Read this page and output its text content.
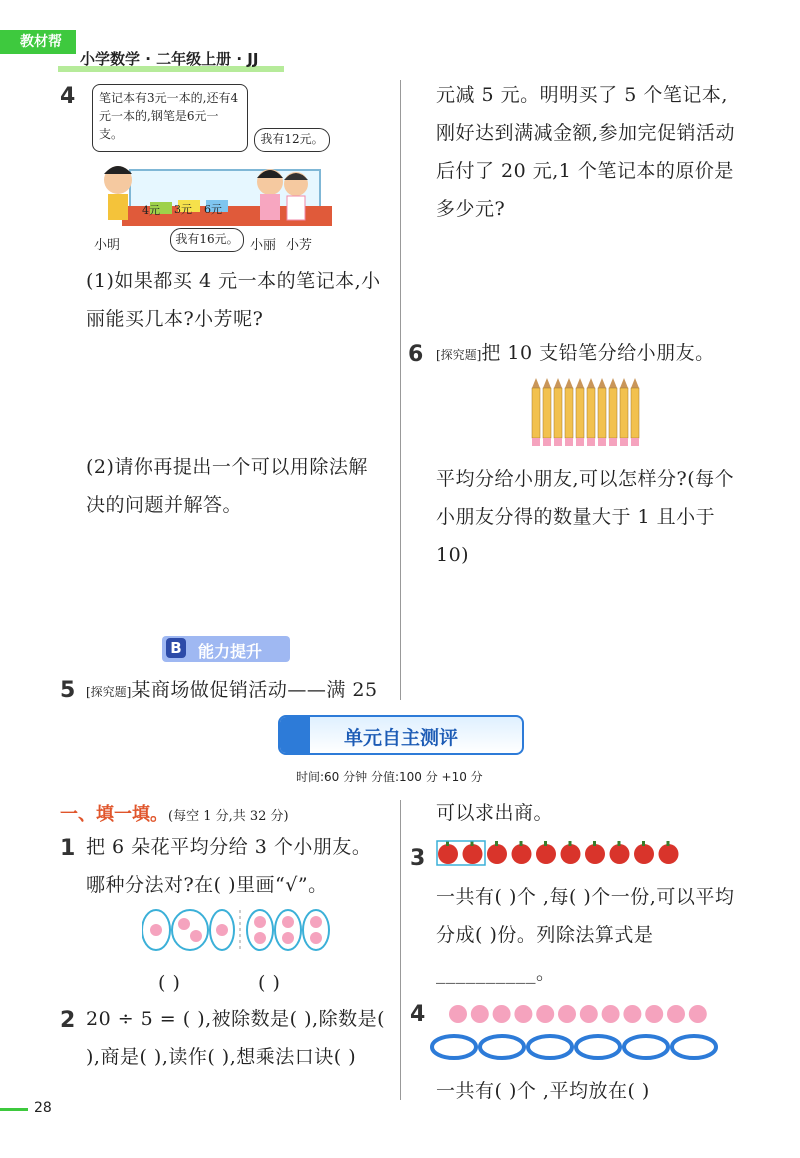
教材帮
小学数学 · 二年级上册 · JJ
4	笔记本有3元一本的,还有4元一本的,钢笔是6元一支。	我有12元。
我有16元。
4元 3元 6元
小明	小丽 小芳
(1)如果都买 4 元一本的笔记本,小丽能买几本?小芳呢?
(2)请你再提出一个可以用除法解决的问题并解答。
B 能力提升
5 [探究题]某商场做促销活动——满 25
元减 5 元。明明买了 5 个笔记本,刚好达到满减金额,参加完促销活动后付了 20 元,1 个笔记本的原价是多少元?
6 [探究题]把 10 支铅笔分给小朋友。
平均分给小朋友,可以怎样分?(每个小朋友分得的数量大于 1 且小于 10)
单元自主测评
时间:60 分钟 分值:100 分 +10 分
一、填一填。(每空 1 分,共 32 分)
1 把 6 朵花平均分给 3 个小朋友。哪种分法对?在( )里画“√”。
( )	( )
2 20 ÷ 5 = ( ),被除数是( ),除数是( ),商是( ),读作( ),想乘法口诀( )
可以求出商。
3
一共有( )个 ,每( )个一份,可以平均分成( )份。列除法算式是__________。
4
一共有( )个 ,平均放在( )
28
